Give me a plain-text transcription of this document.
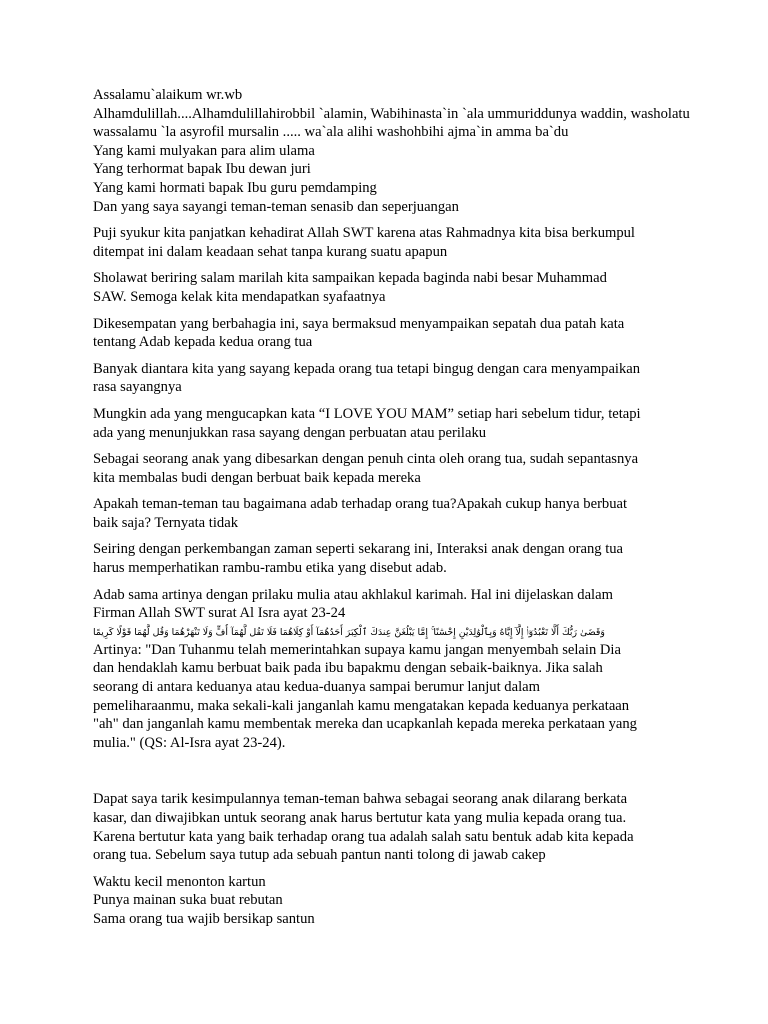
Assalamu`alaikum wr.wb
Alhamdulillah....Alhamdulillahirobbil `alamin, Wabihinasta`in `ala ummuriddunya waddin, washolatu
wassalamu `la asyrofil mursalin ..... wa`ala alihi washohbihi ajma`in amma ba`du
Yang kami mulyakan para alim ulama
Yang terhormat bapak Ibu dewan juri
Yang kami hormati bapak Ibu guru pemdamping
Dan yang saya sayangi teman-teman senasib dan seperjuangan
Puji syukur kita panjatkan kehadirat Allah SWT karena atas Rahmadnya kita bisa berkumpul
ditempat ini dalam keadaan sehat tanpa kurang suatu apapun
Sholawat beriring salam marilah kita sampaikan kepada baginda nabi besar Muhammad
SAW. Semoga kelak kita mendapatkan syafaatnya
Dikesempatan yang berbahagia ini, saya bermaksud menyampaikan sepatah dua patah kata
tentang Adab kepada kedua orang tua
Banyak diantara kita yang sayang kepada orang tua tetapi bingug dengan cara menyampaikan
rasa sayangnya
Mungkin ada yang mengucapkan kata “I LOVE YOU MAM” setiap hari sebelum tidur, tetapi
ada yang menunjukkan rasa sayang dengan perbuatan atau perilaku
Sebagai seorang anak yang dibesarkan dengan penuh cinta oleh orang tua, sudah sepantasnya
kita membalas budi dengan berbuat baik kepada mereka
Apakah teman-teman tau bagaimana adab terhadap orang tua?Apakah cukup hanya berbuat
baik saja? Ternyata tidak
Seiring dengan perkembangan zaman seperti sekarang ini, Interaksi anak dengan orang tua
harus memperhatikan rambu-rambu etika yang disebut adab.
Adab sama artinya dengan prilaku mulia atau akhlakul karimah. Hal ini dijelaskan dalam
Firman Allah SWT surat Al Isra ayat 23-24
وَقَضَىٰ رَبُّكَ أَلَّا تَعْبُدُوٓا۟ إِلَّآ إِيَّاهُ وَبِٱلْوَٰلِدَيْنِ إِحْسَٰنًا ۚ إِمَّا يَبْلُغَنَّ عِندَكَ ٱلْكِبَرَ أَحَدُهُمَآ أَوْ كِلَاهُمَا فَلَا تَقُل لَّهُمَآ أُفٍّ وَلَا تَنْهَرْهُمَا وَقُل لَّهُمَا قَوْلًا كَرِيمًا
Artinya: "Dan Tuhanmu telah memerintahkan supaya kamu jangan menyembah selain Dia
dan hendaklah kamu berbuat baik pada ibu bapakmu dengan sebaik-baiknya. Jika salah
seorang di antara keduanya atau kedua-duanya sampai berumur lanjut dalam
pemeliharaanmu, maka sekali-kali janganlah kamu mengatakan kepada keduanya perkataan
"ah" dan janganlah kamu membentak mereka dan ucapkanlah kepada mereka perkataan yang
mulia." (QS: Al-Isra ayat 23-24).
Dapat saya tarik kesimpulannya teman-teman bahwa sebagai seorang anak dilarang berkata
kasar, dan diwajibkan untuk seorang anak harus bertutur kata yang mulia kepada orang tua.
Karena bertutur kata yang baik terhadap orang tua adalah salah satu bentuk adab kita kepada
orang tua. Sebelum saya tutup ada sebuah pantun nanti tolong di jawab cakep
Waktu kecil menonton kartun
Punya mainan suka buat rebutan
Sama orang tua wajib bersikap santun
